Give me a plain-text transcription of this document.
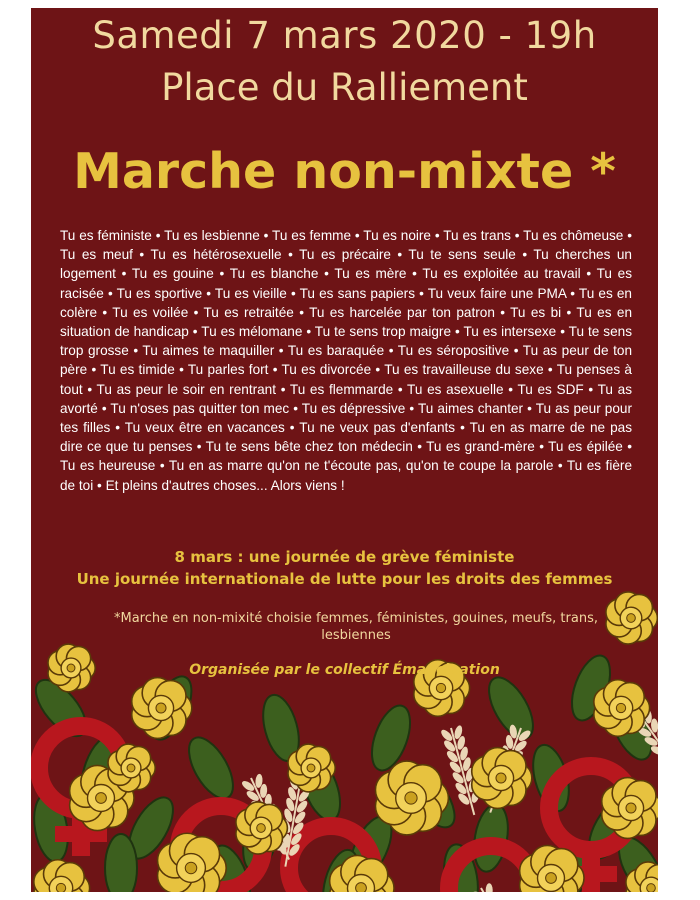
Samedi 7 mars 2020 - 19h
Place du Ralliement
Marche non-mixte *
Tu es féministe • Tu es lesbienne • Tu es femme • Tu es noire • Tu es trans • Tu es chômeuse • Tu es meuf • Tu es hétérosexuelle • Tu es précaire • Tu te sens seule • Tu cherches un logement • Tu es gouine • Tu es blanche • Tu es mère • Tu es exploitée au travail • Tu es racisée • Tu es sportive • Tu es vieille • Tu es sans papiers • Tu veux faire une PMA • Tu es en colère • Tu es voilée • Tu es retraitée • Tu es harcelée par ton patron • Tu es bi • Tu es en situation de handicap • Tu es mélomane • Tu te sens trop maigre • Tu es intersexe • Tu te sens trop grosse • Tu aimes te maquiller • Tu es baraquée • Tu es séropositive • Tu as peur de ton père • Tu es timide • Tu parles fort • Tu es divorcée • Tu es travailleuse du sexe • Tu penses à tout • Tu as peur le soir en rentrant • Tu es flemmarde • Tu es asexuelle • Tu es SDF • Tu as avorté • Tu n'oses pas quitter ton mec • Tu es dépressive • Tu aimes chanter • Tu as peur pour tes filles • Tu veux être en vacances • Tu ne veux pas d'enfants • Tu en as marre de ne pas dire ce que tu penses • Tu te sens bête chez ton médecin • Tu es grand-mère • Tu es épilée • Tu es heureuse • Tu en as marre qu'on ne t'écoute pas, qu'on te coupe la parole • Tu es fière de toi • Et pleins d'autres choses... Alors viens !
8 mars : une journée de grève féministe
Une journée internationale de lutte pour les droits des femmes
*Marche en non-mixité choisie femmes, féministes, gouines, meufs, trans, lesbiennes
Organisée par le collectif Émancipation
